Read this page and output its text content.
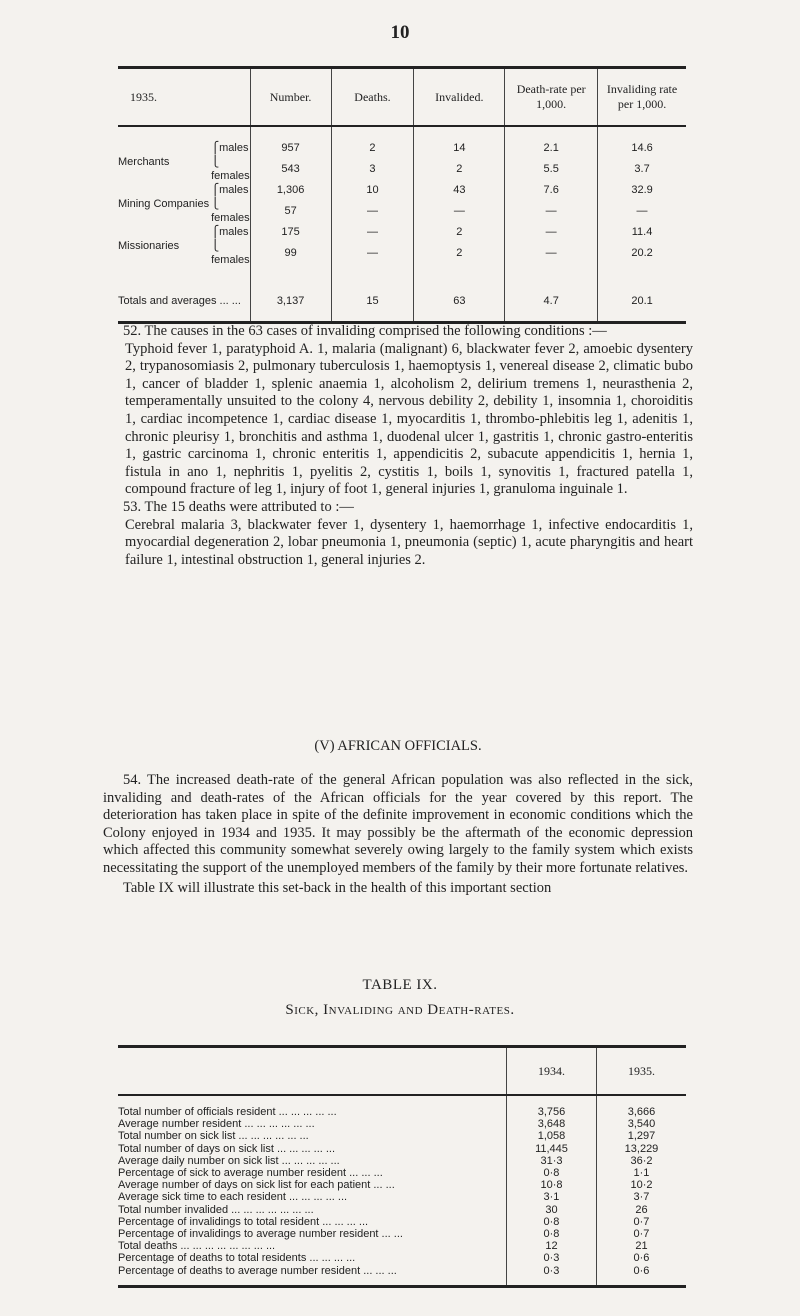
10
1935.		Number.	Deaths.	Invalided.	Death-rate per 1,000.	Invaliding rate per 1,000.

Merchants	⎧males	957	2	14	2.1	14.6
	⎩females	543	3	2	5.5	3.7
Mining Companies	⎧males	1,306	10	43	7.6	32.9
	⎩females	57	—	—	—	—
Missionaries	⎧males	175	—	2	—	11.4
	⎩females	99	—	2	—	20.2

Totals and averages ... ...		3,137	15	63	4.7	20.1

52. The causes in the 63 cases of invaliding comprised the following conditions :—

Typhoid fever 1, paratyphoid A. 1, malaria (malignant) 6, blackwater fever 2, amoebic dysentery 2, trypanosomiasis 2, pulmonary tuberculosis 1, haemoptysis 1, venereal disease 2, climatic bubo 1, cancer of bladder 1, splenic anaemia 1, alcoholism 2, delirium tremens 1, neurasthenia 2, temperamentally unsuited to the colony 4, nervous debility 2, debility 1, insomnia 1, choroiditis 1, cardiac incompetence 1, cardiac disease 1, myocarditis 1, thrombo-phlebitis leg 1, adenitis 1, chronic pleurisy 1, bronchitis and asthma 1, duodenal ulcer 1, gastritis 1, chronic gastro-enteritis 1, gastric carcinoma 1, chronic enteritis 1, appendicitis 2, subacute appendicitis 1, hernia 1, fistula in ano 1, nephritis 1, pyelitis 2, cystitis 1, boils 1, synovitis 1, fractured patella 1, compound fracture of leg 1, injury of foot 1, general injuries 1, granuloma inguinale 1.

53. The 15 deaths were attributed to :—

Cerebral malaria 3, blackwater fever 1, dysentery 1, haemorrhage 1, infective endocarditis 1, myocardial degeneration 2, lobar pneumonia 1, pneumonia (septic) 1, acute pharyngitis and heart failure 1, intestinal obstruction 1, general injuries 2.

(V) AFRICAN OFFICIALS.

54. The increased death-rate of the general African population was also reflected in the sick, invaliding and death-rates of the African officials for the year covered by this report. The deterioration has taken place in spite of the definite improvement in economic conditions which the Colony enjoyed in 1934 and 1935. It may possibly be the aftermath of the economic depression which affected this community somewhat severely owing largely to the family system which exists necessitating the support of the unemployed members of the family by their more fortunate relatives.

Table IX will illustrate this set-back in the health of this important section

TABLE IX.
Sick, Invaliding and Death-rates.
	1934.	1935.

Total number of officials resident ... ... ... ... ...	3,756	3,666
Average number resident ... ... ... ... ... ...	3,648	3,540
Total number on sick list ... ... ... ... ... ...	1,058	1,297
Total number of days on sick list ... ... ... ... ...	11,445	13,229
Average daily number on sick list ... ... ... ... ...	31·3	36·2
Percentage of sick to average number resident ... ... ...	0·8	1·1
Average number of days on sick list for each patient ... ...	10·8	10·2
Average sick time to each resident ... ... ... ... ...	3·1	3·7
Total number invalided ... ... ... ... ... ... ...	30	26
Percentage of invalidings to total resident ... ... ... ...	0·8	0·7
Percentage of invalidings to average number resident ... ...	0·8	0·7
Total deaths ... ... ... ... ... ... ... ...	12	21
Percentage of deaths to total residents ... ... ... ...	0·3	0·6
Percentage of deaths to average number resident ... ... ...	0·3	0·6
